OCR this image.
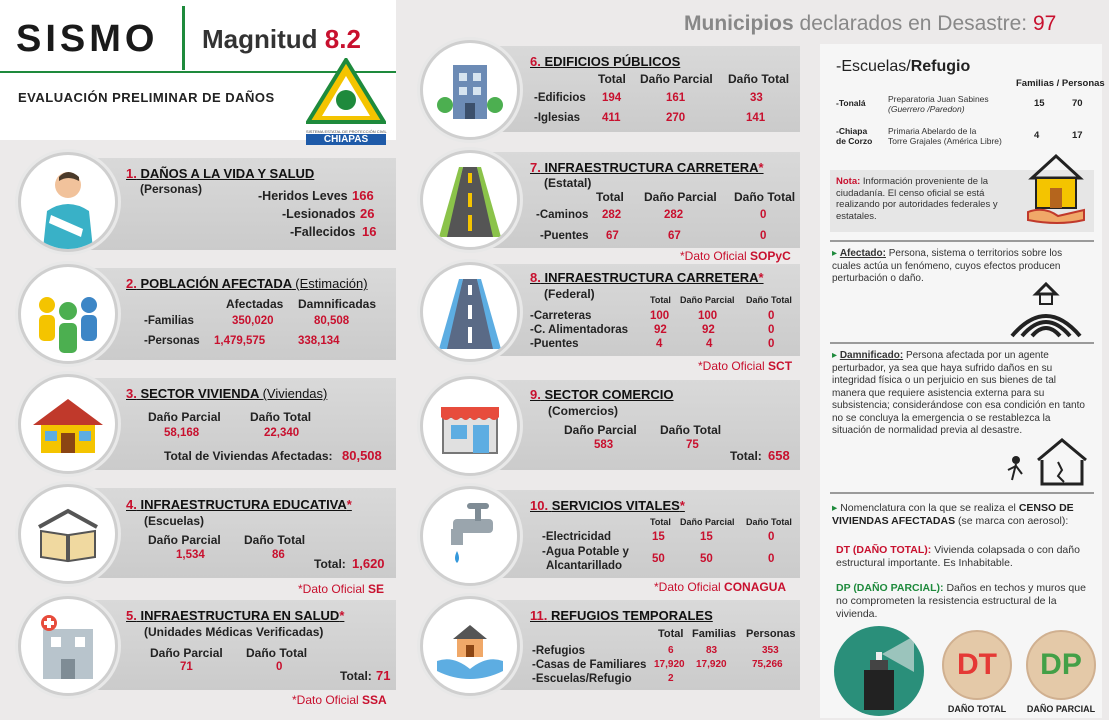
SISMO Magnitud 8.2
EVALUACIÓN PRELIMINAR DE DAÑOS
SISTEMA ESTATAL DE PROTECCIÓN CIVIL
CHIAPAS
Municipios declarados en Desastre: 97
1. DAÑOS A LA VIDA Y SALUD
(Personas)	-Heridos Leves 166
-Lesionados 26
-Fallecidos 16
2. POBLACIÓN AFECTADA (Estimación)
Afectadas Damnificadas
-Familias	350,020	80,508
-Personas 1,479,575	338,134
3. SECTOR VIVIENDA (Viviendas)
Daño Parcial Daño Total
58,168	22,340
Total de Viviendas Afectadas: 80,508
4. INFRAESTRUCTURA EDUCATIVA*
(Escuelas)
Daño Parcial Daño Total
1,534	86
Total: 1,620
*Dato Oficial SE
5. INFRAESTRUCTURA EN SALUD*
(Unidades Médicas Verificadas)
Daño Parcial Daño Total
71	0
Total: 71
*Dato Oficial SSA
6. EDIFICIOS PÚBLICOS
Total Daño Parcial Daño Total
-Edificios 194	161	33
-Iglesias 411	270	141
7. INFRAESTRUCTURA CARRETERA*
(Estatal)
Total Daño Parcial Daño Total
-Caminos 282	282	0
-Puentes 67	67	0
*Dato Oficial SOPyC
8. INFRAESTRUCTURA CARRETERA*
(Federal)	Total Daño Parcial Daño Total
-Carreteras	100	100	0
-C. Alimentadoras 92	92	0
-Puentes	4	4	0
*Dato Oficial SCT
9. SECTOR COMERCIO
(Comercios)
Daño Parcial Daño Total
583	75
Total: 658
10. SERVICIOS VITALES*
Total Daño Parcial Daño Total
-Electricidad	15	15	0
-Agua Potable y
Alcantarillado
50	50	0
*Dato Oficial CONAGUA
11. REFUGIOS TEMPORALES
Total Familias Personas
-Refugios	6	83	353
-Casas de Familiares 17,920 17,920	75,266
-Escuelas/Refugio	2
-Escuelas/Refugio
Familias / Personas
-Tonalá	Preparatoria Juan Sabines
(Guerrero /Paredon)	15	70
-Chiapa
de Corzo
Primaria Abelardo de la
Torre Grajales (América Libre)	4	17
Nota: Información proveniente de la ciudadanía. El censo oficial se está realizando por autoridades federales y estatales.
▸ Afectado: Persona, sistema o territorios sobre los cuales actúa un fenómeno, cuyos efectos producen perturbación o daño.
▸ Damnificado: Persona afectada por un agente perturbador, ya sea que haya sufrido daños en su integridad física o un perjuicio en sus bienes de tal manera que requiere asistencia externa para su subsistencia; considerándose con esa condición en tanto no se concluya la emergencia o se restablezca la situación de normalidad previa al desastre.
▸ Nomenclatura con la que se realiza el CENSO DE VIVIENDAS AFECTADAS (se marca con aerosol):
DT (DAÑO TOTAL): Vivienda colapsada o con daño estructural importante. Es Inhabitable.
DP (DAÑO PARCIAL): Daños en techos y muros que no comprometen la resistencia estructural de la vivienda.
DT	DP
DAÑO TOTAL	DAÑO PARCIAL
